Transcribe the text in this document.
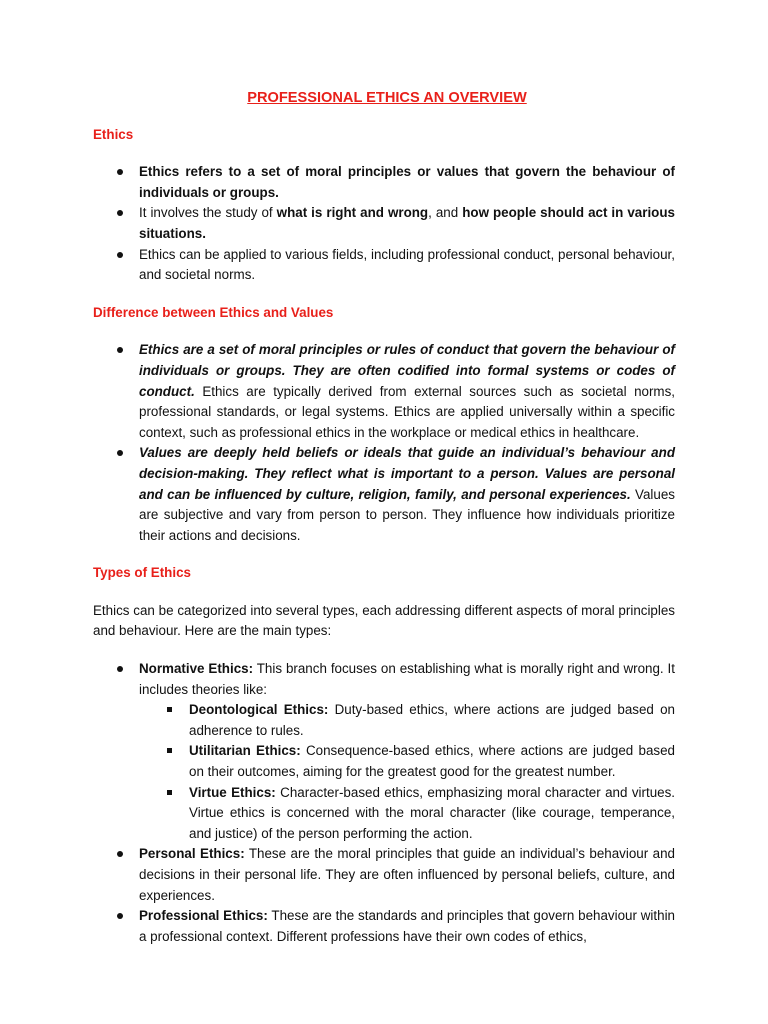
PROFESSIONAL ETHICS AN OVERVIEW
Ethics
Ethics refers to a set of moral principles or values that govern the behaviour of individuals or groups.
It involves the study of what is right and wrong, and how people should act in various situations.
Ethics can be applied to various fields, including professional conduct, personal behaviour, and societal norms.
Difference between Ethics and Values
Ethics are a set of moral principles or rules of conduct that govern the behaviour of individuals or groups. They are often codified into formal systems or codes of conduct. Ethics are typically derived from external sources such as societal norms, professional standards, or legal systems. Ethics are applied universally within a specific context, such as professional ethics in the workplace or medical ethics in healthcare.
Values are deeply held beliefs or ideals that guide an individual’s behaviour and decision-making. They reflect what is important to a person. Values are personal and can be influenced by culture, religion, family, and personal experiences. Values are subjective and vary from person to person. They influence how individuals prioritize their actions and decisions.
Types of Ethics

Ethics can be categorized into several types, each addressing different aspects of moral principles and behaviour. Here are the main types:

Normative Ethics: This branch focuses on establishing what is morally right and wrong. It includes theories like:
Deontological Ethics: Duty-based ethics, where actions are judged based on adherence to rules.
Utilitarian Ethics: Consequence-based ethics, where actions are judged based on their outcomes, aiming for the greatest good for the greatest number.
Virtue Ethics: Character-based ethics, emphasizing moral character and virtues. Virtue ethics is concerned with the moral character (like courage, temperance, and justice) of the person performing the action.
Personal Ethics: These are the moral principles that guide an individual’s behaviour and decisions in their personal life. They are often influenced by personal beliefs, culture, and experiences.
Professional Ethics: These are the standards and principles that govern behaviour within a professional context. Different professions have their own codes of ethics,
